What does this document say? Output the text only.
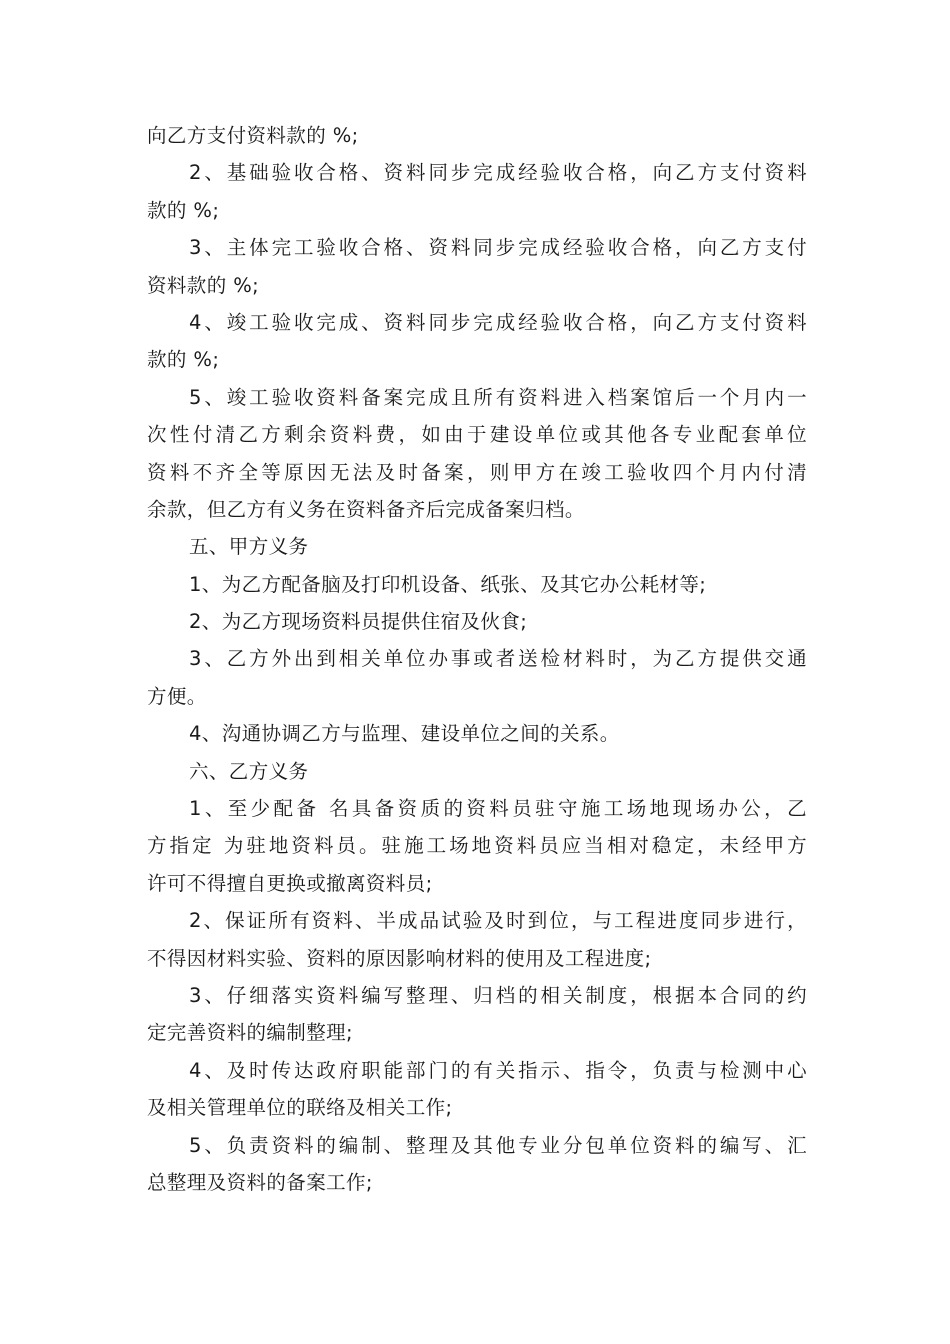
向乙方支付资料款的 %;
2、基础验收合格、资料同步完成经验收合格，向乙方支付资料
款的 %;
3、主体完工验收合格、资料同步完成经验收合格，向乙方支付
资料款的 %;
4、竣工验收完成、资料同步完成经验收合格，向乙方支付资料
款的 %;
5、竣工验收资料备案完成且所有资料进入档案馆后一个月内一
次性付清乙方剩余资料费，如由于建设单位或其他各专业配套单位
资料不齐全等原因无法及时备案，则甲方在竣工验收四个月内付清
余款，但乙方有义务在资料备齐后完成备案归档。
五、甲方义务
1、为乙方配备脑及打印机设备、纸张、及其它办公耗材等;
2、为乙方现场资料员提供住宿及伙食;
3、乙方外出到相关单位办事或者送检材料时，为乙方提供交通
方便。
4、沟通协调乙方与监理、建设单位之间的关系。
六、乙方义务
1、至少配备 名具备资质的资料员驻守施工场地现场办公，乙
方指定 为驻地资料员。驻施工场地资料员应当相对稳定，未经甲方
许可不得擅自更换或撤离资料员;
2、保证所有资料、半成品试验及时到位，与工程进度同步进行，
不得因材料实验、资料的原因影响材料的使用及工程进度;
3、仔细落实资料编写整理、归档的相关制度，根据本合同的约
定完善资料的编制整理;
4、及时传达政府职能部门的有关指示、指令，负责与检测中心
及相关管理单位的联络及相关工作;
5、负责资料的编制、整理及其他专业分包单位资料的编写、汇
总整理及资料的备案工作;
